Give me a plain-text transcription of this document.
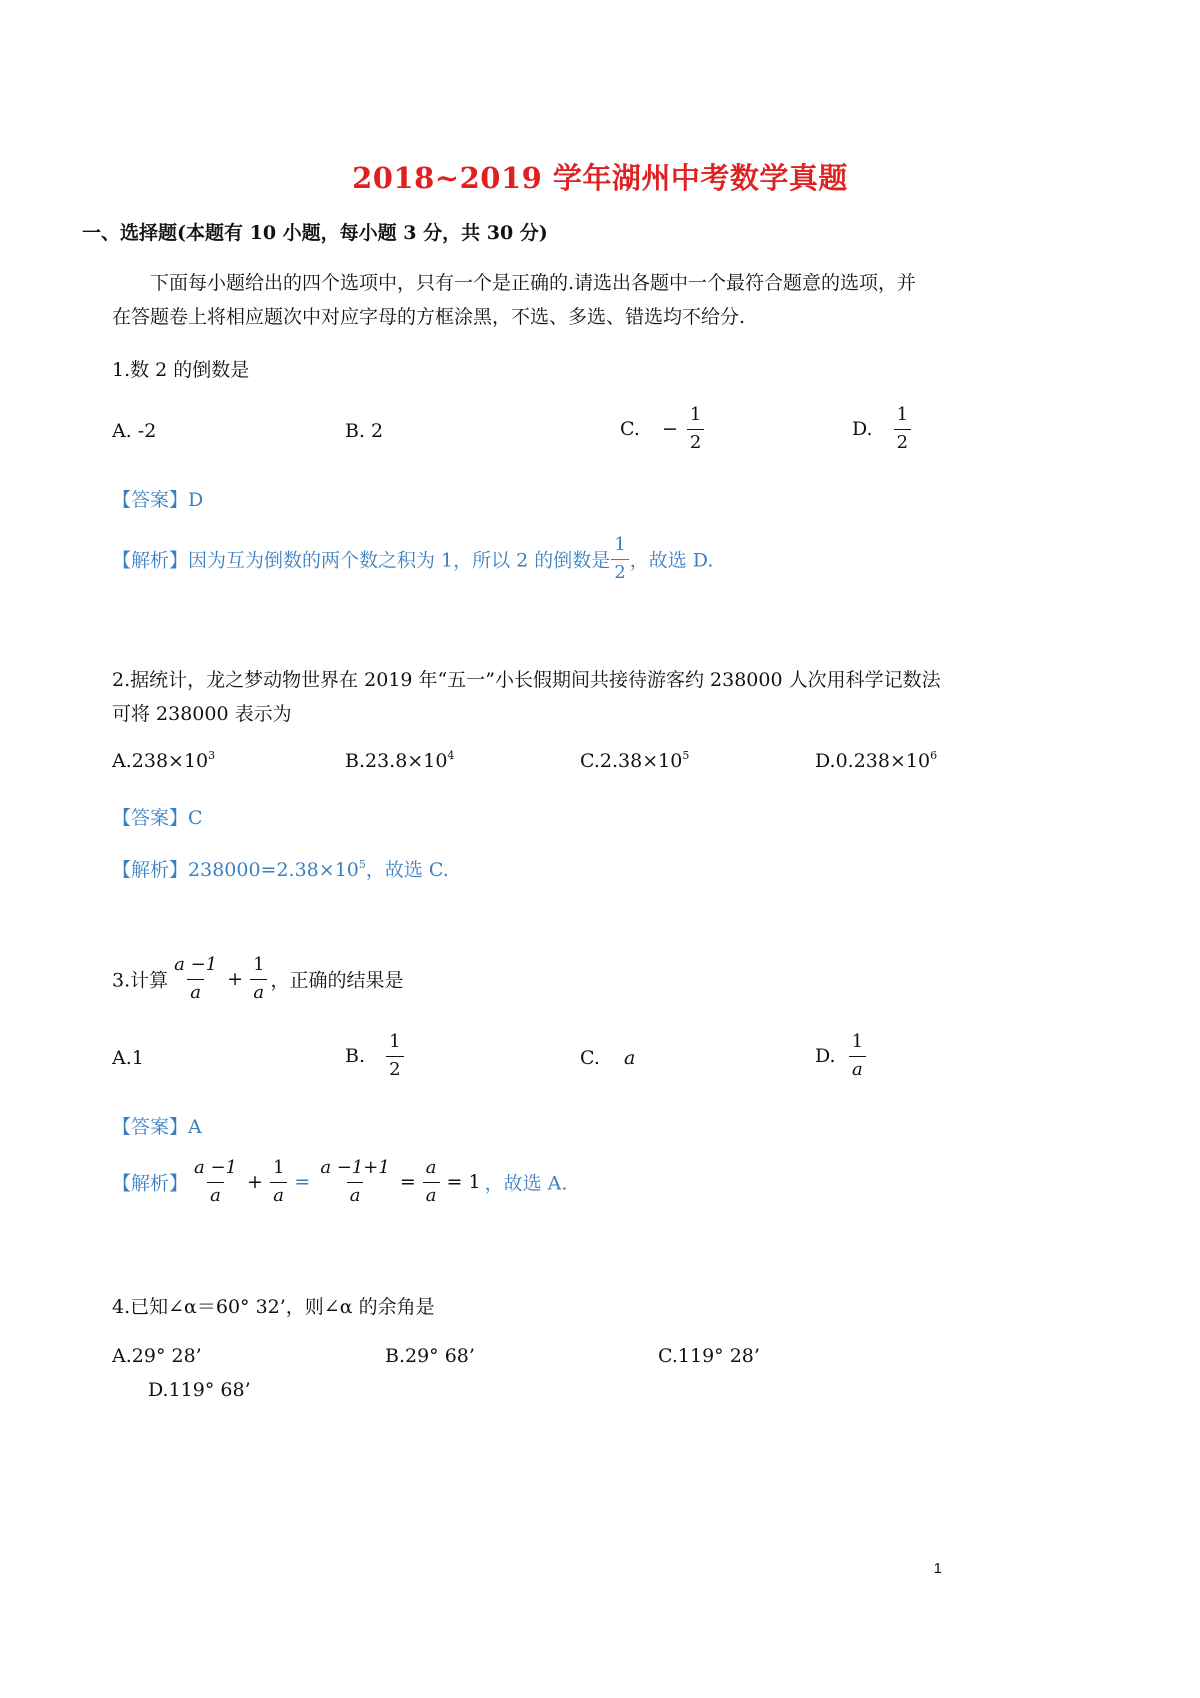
2018~2019 学年湖州中考数学真题
一、选择题(本题有 10 小题，每小题 3 分，共 30 分)
下面每小题给出的四个选项中，只有一个是正确的.请选出各题中一个最符合题意的选项，并
在答题卷上将相应题次中对应字母的方框涂黑，不选、多选、错选均不给分.
1.数 2 的倒数是
A. -2	B. 2	C. − $\frac{1}{2}$	D. $\frac{1}{2}$
【答案】D
【解析】因为互为倒数的两个数之积为 1，所以 2 的倒数是 $\frac{1}{2}$ ，故选 D.
2.据统计，龙之梦动物世界在 2019 年“五一”小长假期间共接待游客约 238000 人次用科学记数法
可将 238000 表示为
$A.238\times 10^3$	$B.23.8\times 10^4$	$C.2.38\times 10^5$	$D.0.238\times 10^6$
【答案】C
【解析】$238000=2.38\times 10^5$，故选 C.
3.计算 $\frac{a -1}{a} + \frac{1}{a}$ ，正确的结果是
A.1	B. $\frac{1}{2}$	C. a	D. $\frac{1}{a}$
【答案】A
【解析】 $\frac{a -1}{a} + \frac{1}{a} = \frac{a -1+1}{a} = \frac{a}{a} = 1$ ，故选 A.
4.已知∠α＝60° 32’，则∠α 的余角是
A.29° 28’	B.29° 68’	C.119° 28’
D.119° 68’
1
